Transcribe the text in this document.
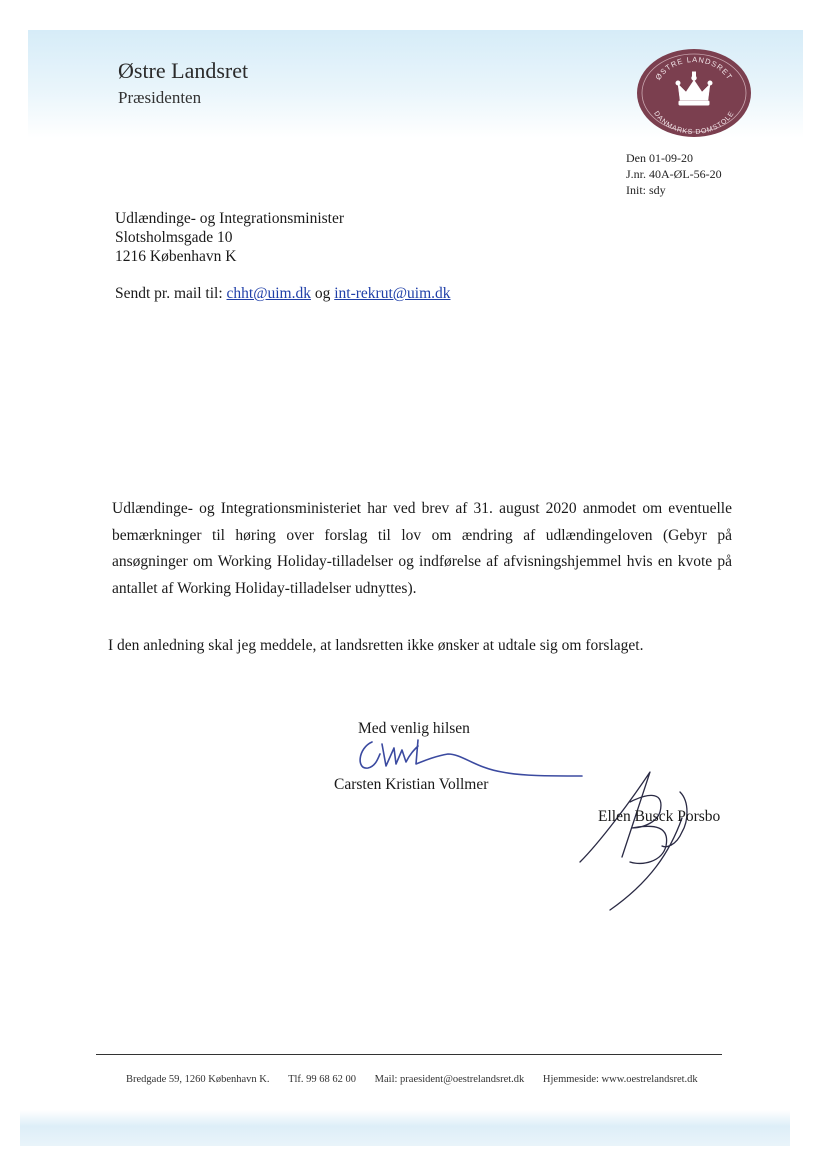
Østre Landsret
Præsidenten
ØSTRE LANDSRET
DANMARKS DOMSTOLE
Den 01-09-20
J.nr. 40A-ØL-56-20
Init: sdy
Udlændinge- og Integrationsminister
Slotsholmsgade 10
1216 København K
Sendt pr. mail til: chht@uim.dk og int-rekrut@uim.dk
Udlændinge- og Integrationsministeriet har ved brev af 31. august 2020 anmodet om eventuelle bemærkninger til høring over forslag til lov om ændring af udlændingeloven (Gebyr på ansøgninger om Working Holiday-tilladelser og indførelse af afvisningshjemmel hvis en kvote på antallet af Working Holiday-tilladelser udnyttes).
I den anledning skal jeg meddele, at landsretten ikke ønsker at udtale sig om forslaget.
Med venlig hilsen
Carsten Kristian Vollmer
Ellen Busck Porsbo
Bredgade 59, 1260 København K. Tlf. 99 68 62 00 Mail: praesident@oestrelandsret.dk Hjemmeside: www.oestrelandsret.dk
